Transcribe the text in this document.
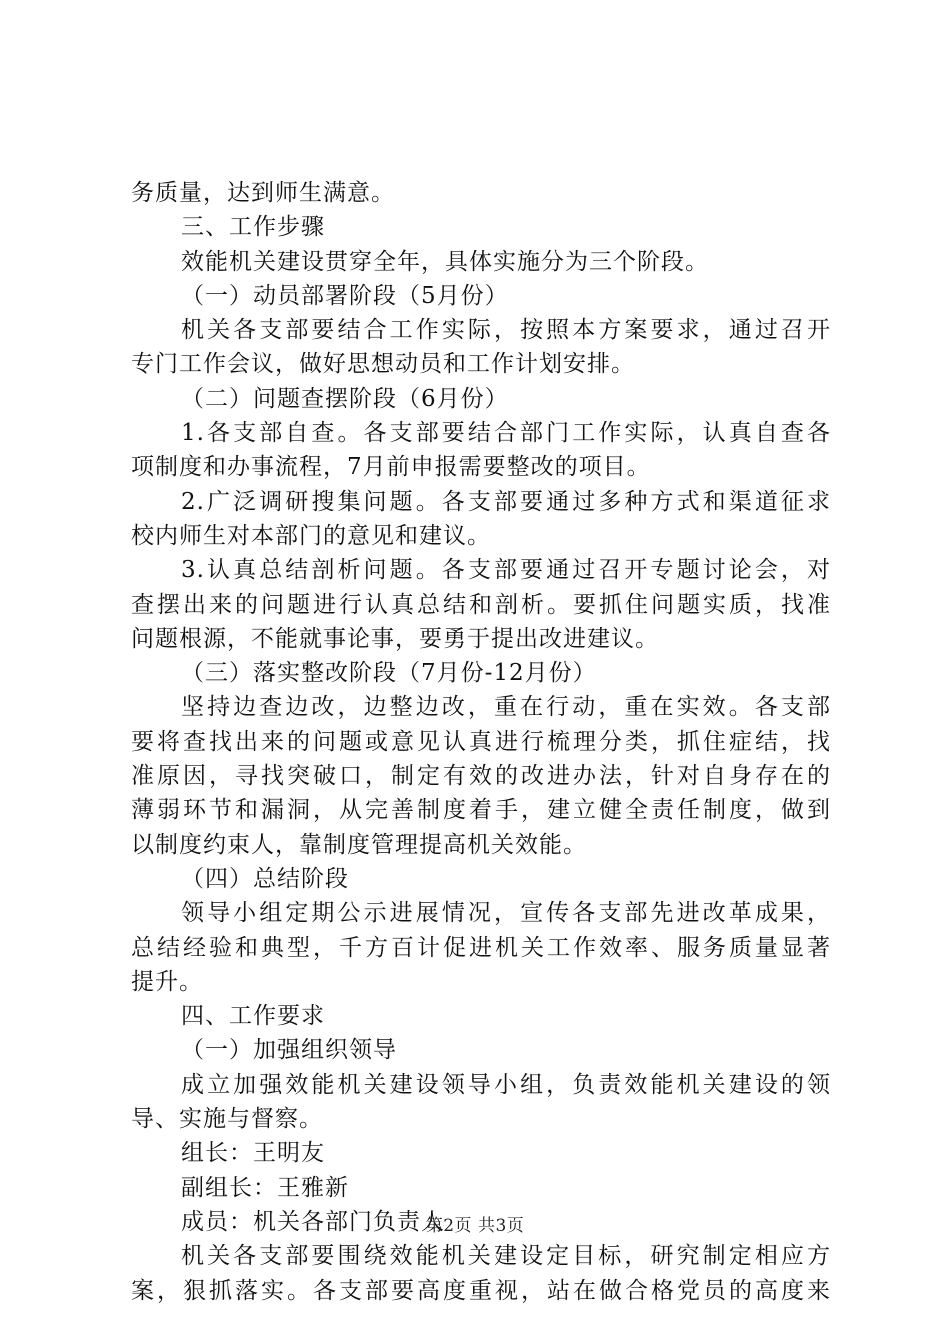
务质量，达到师生满意。
三、工作步骤
效能机关建设贯穿全年，具体实施分为三个阶段。
（一）动员部署阶段（5月份）
机关各支部要结合工作实际，按照本方案要求，通过召开
专门工作会议，做好思想动员和工作计划安排。
（二）问题查摆阶段（6月份）
1.各支部自查。各支部要结合部门工作实际，认真自查各
项制度和办事流程，7月前申报需要整改的项目。
2.广泛调研搜集问题。各支部要通过多种方式和渠道征求
校内师生对本部门的意见和建议。
3.认真总结剖析问题。各支部要通过召开专题讨论会，对
查摆出来的问题进行认真总结和剖析。要抓住问题实质，找准
问题根源，不能就事论事，要勇于提出改进建议。
（三）落实整改阶段（7月份-12月份）
坚持边查边改，边整边改，重在行动，重在实效。各支部
要将查找出来的问题或意见认真进行梳理分类，抓住症结，找
准原因，寻找突破口，制定有效的改进办法，针对自身存在的
薄弱环节和漏洞，从完善制度着手，建立健全责任制度，做到
以制度约束人，靠制度管理提高机关效能。
（四）总结阶段
领导小组定期公示进展情况，宣传各支部先进改革成果，
总结经验和典型，千方百计促进机关工作效率、服务质量显著
提升。
四、工作要求
（一）加强组织领导
成立加强效能机关建设领导小组，负责效能机关建设的领
导、实施与督察。
组长：王明友
副组长：王雅新
成员：机关各部门负责人
机关各支部要围绕效能机关建设定目标，研究制定相应方
案，狠抓落实。各支部要高度重视，站在做合格党员的高度来
第2页 共3页
